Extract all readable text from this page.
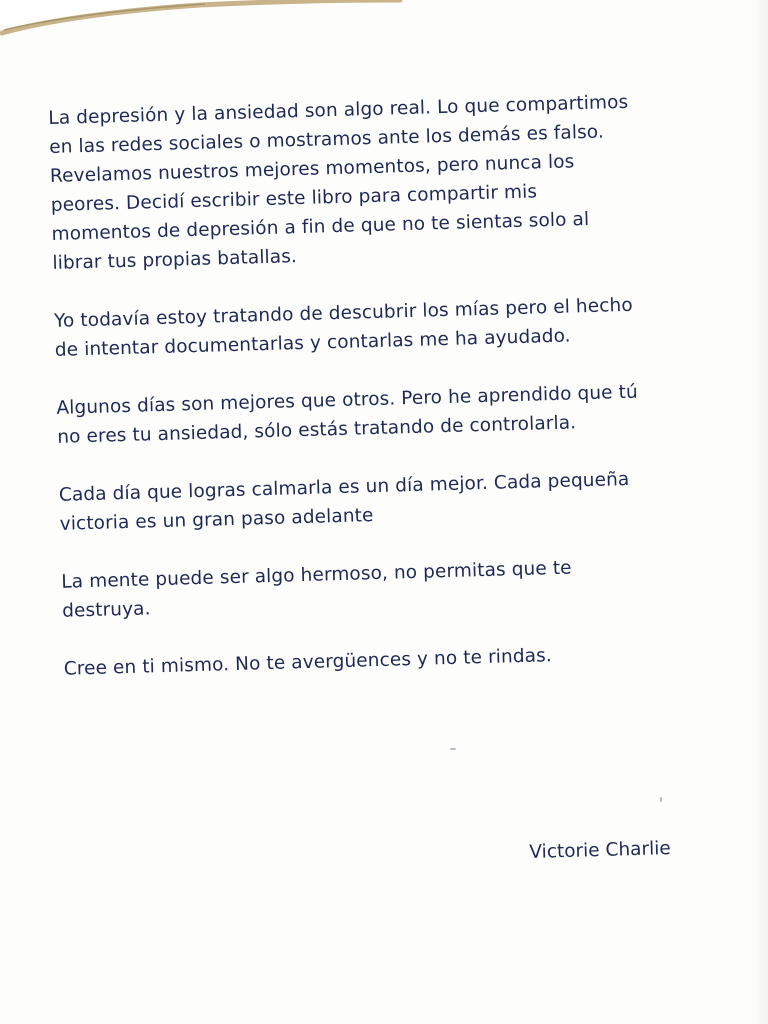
La depresión y la ansiedad son algo real. Lo que compartimos
en las redes sociales o mostramos ante los demás es falso.
Revelamos nuestros mejores momentos, pero nunca los
peores. Decidí escribir este libro para compartir mis
momentos de depresión a fin de que no te sientas solo al
librar tus propias batallas.

Yo todavía estoy tratando de descubrir los mías pero el hecho
de intentar documentarlas y contarlas me ha ayudado.

Algunos días son mejores que otros. Pero he aprendido que tú
no eres tu ansiedad, sólo estás tratando de controlarla.

Cada día que logras calmarla es un día mejor. Cada pequeña
victoria es un gran paso adelante

La mente puede ser algo hermoso, no permitas que te
destruya.

Cree en ti mismo. No te avergüences y no te rindas.

Victorie Charlie
